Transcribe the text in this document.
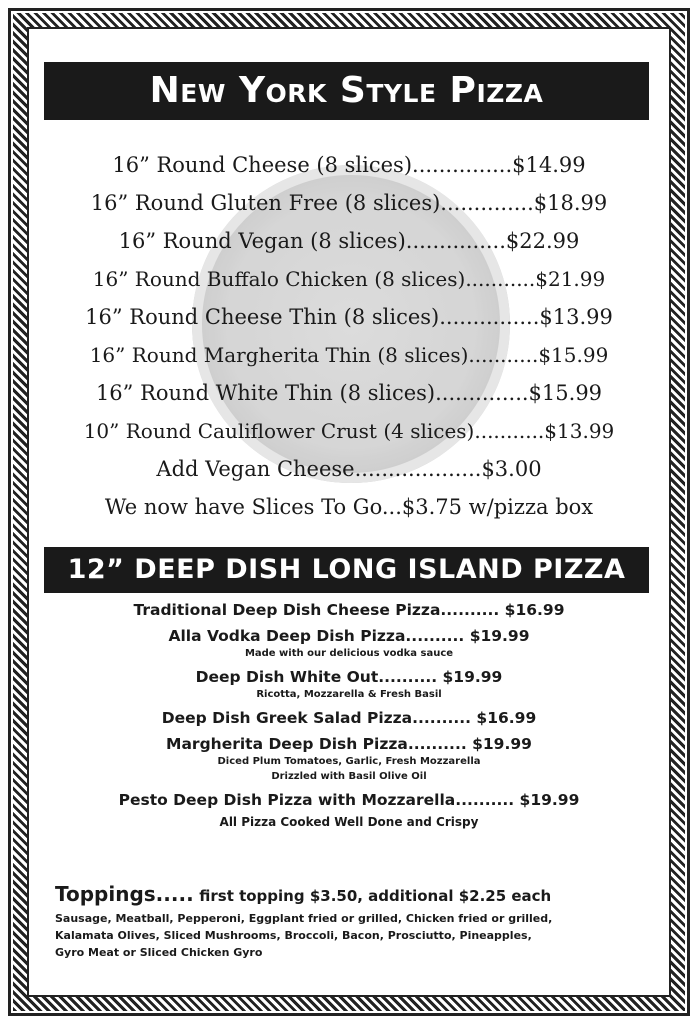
New York Style Pizza
16” Round Cheese (8 slices)...............$14.99
16” Round Gluten Free (8 slices)..............$18.99
16” Round Vegan (8 slices)...............$22.99
16” Round Buffalo Chicken (8 slices)...........$21.99
16” Round Cheese Thin (8 slices)...............$13.99
16” Round Margherita Thin (8 slices)...........$15.99
16” Round White Thin (8 slices)..............$15.99
10” Round Cauliflower Crust (4 slices)...........$13.99
Add Vegan Cheese...................$3.00
We now have Slices To Go...$3.75 w/pizza box
12” DEEP DISH LONG ISLAND PIZZA
Traditional Deep Dish Cheese Pizza.......... $16.99
Alla Vodka Deep Dish Pizza.......... $19.99
Made with our delicious vodka sauce
Deep Dish White Out.......... $19.99
Ricotta, Mozzarella & Fresh Basil
Deep Dish Greek Salad Pizza.......... $16.99
Margherita Deep Dish Pizza.......... $19.99
Diced Plum Tomatoes, Garlic, Fresh Mozzarella
Drizzled with Basil Olive Oil
Pesto Deep Dish Pizza with Mozzarella.......... $19.99
All Pizza Cooked Well Done and Crispy
Toppings..... first topping $3.50, additional $2.25 each
Sausage, Meatball, Pepperoni, Eggplant fried or grilled, Chicken fried or grilled,
Kalamata Olives, Sliced Mushrooms, Broccoli, Bacon, Prosciutto, Pineapples,
Gyro Meat or Sliced Chicken Gyro
